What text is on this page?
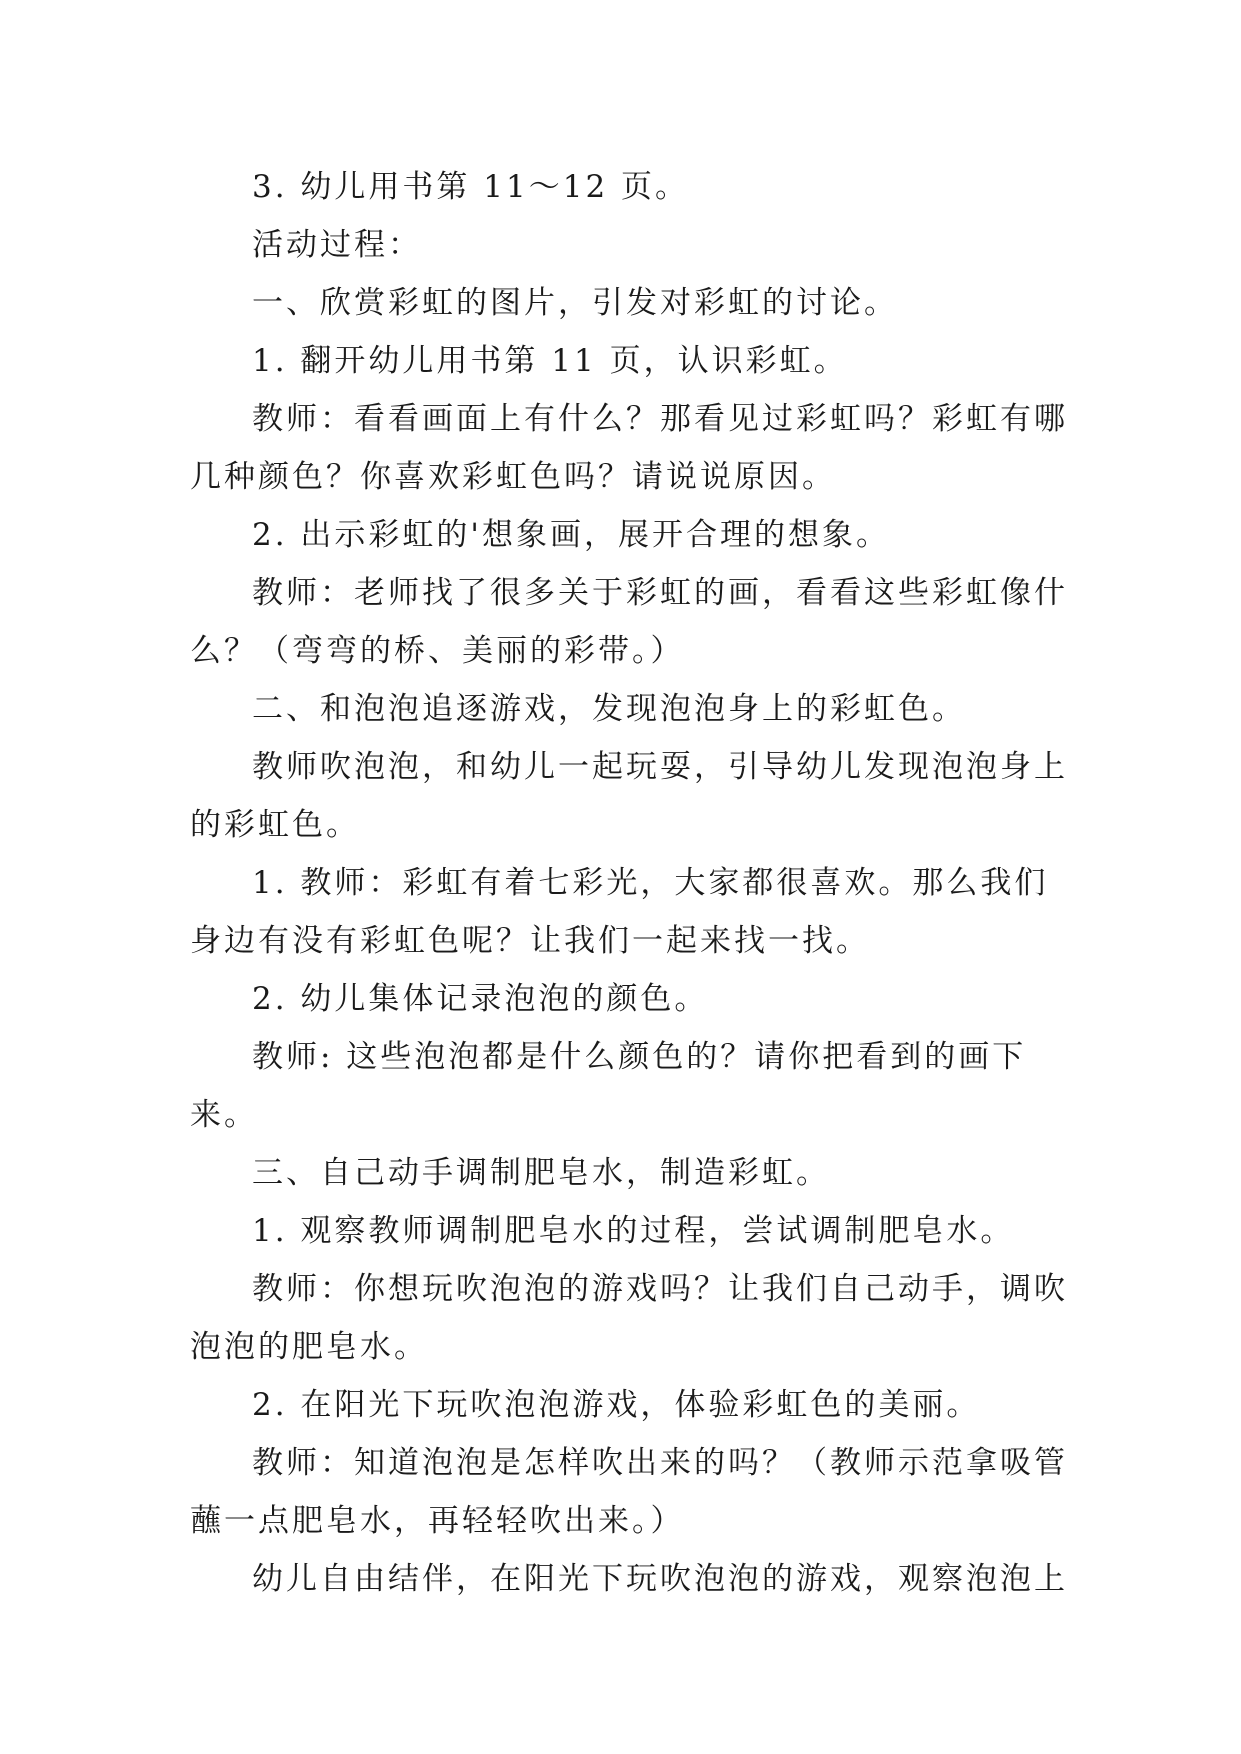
3. 幼儿用书第 11～12 页。

活动过程：

一、欣赏彩虹的图片，引发对彩虹的讨论。

1. 翻开幼儿用书第 11 页，认识彩虹。

教师：看看画面上有什么？那看见过彩虹吗？彩虹有哪几种颜色？你喜欢彩虹色吗？请说说原因。

2. 出示彩虹的'想象画，展开合理的想象。

教师：老师找了很多关于彩虹的画，看看这些彩虹像什么？（弯弯的桥、美丽的彩带。）

二、和泡泡追逐游戏，发现泡泡身上的彩虹色。

教师吹泡泡，和幼儿一起玩耍，引导幼儿发现泡泡身上的彩虹色。

1. 教师：彩虹有着七彩光，大家都很喜欢。那么我们身边有没有彩虹色呢？让我们一起来找一找。

2. 幼儿集体记录泡泡的颜色。

教师: 这些泡泡都是什么颜色的？请你把看到的画下来。

三、自己动手调制肥皂水，制造彩虹。

1. 观察教师调制肥皂水的过程，尝试调制肥皂水。

教师：你想玩吹泡泡的游戏吗？让我们自己动手，调吹泡泡的肥皂水。

2. 在阳光下玩吹泡泡游戏，体验彩虹色的美丽。

教师：知道泡泡是怎样吹出来的吗？（教师示范拿吸管蘸一点肥皂水，再轻轻吹出来。）

幼儿自由结伴，在阳光下玩吹泡泡的游戏，观察泡泡上
